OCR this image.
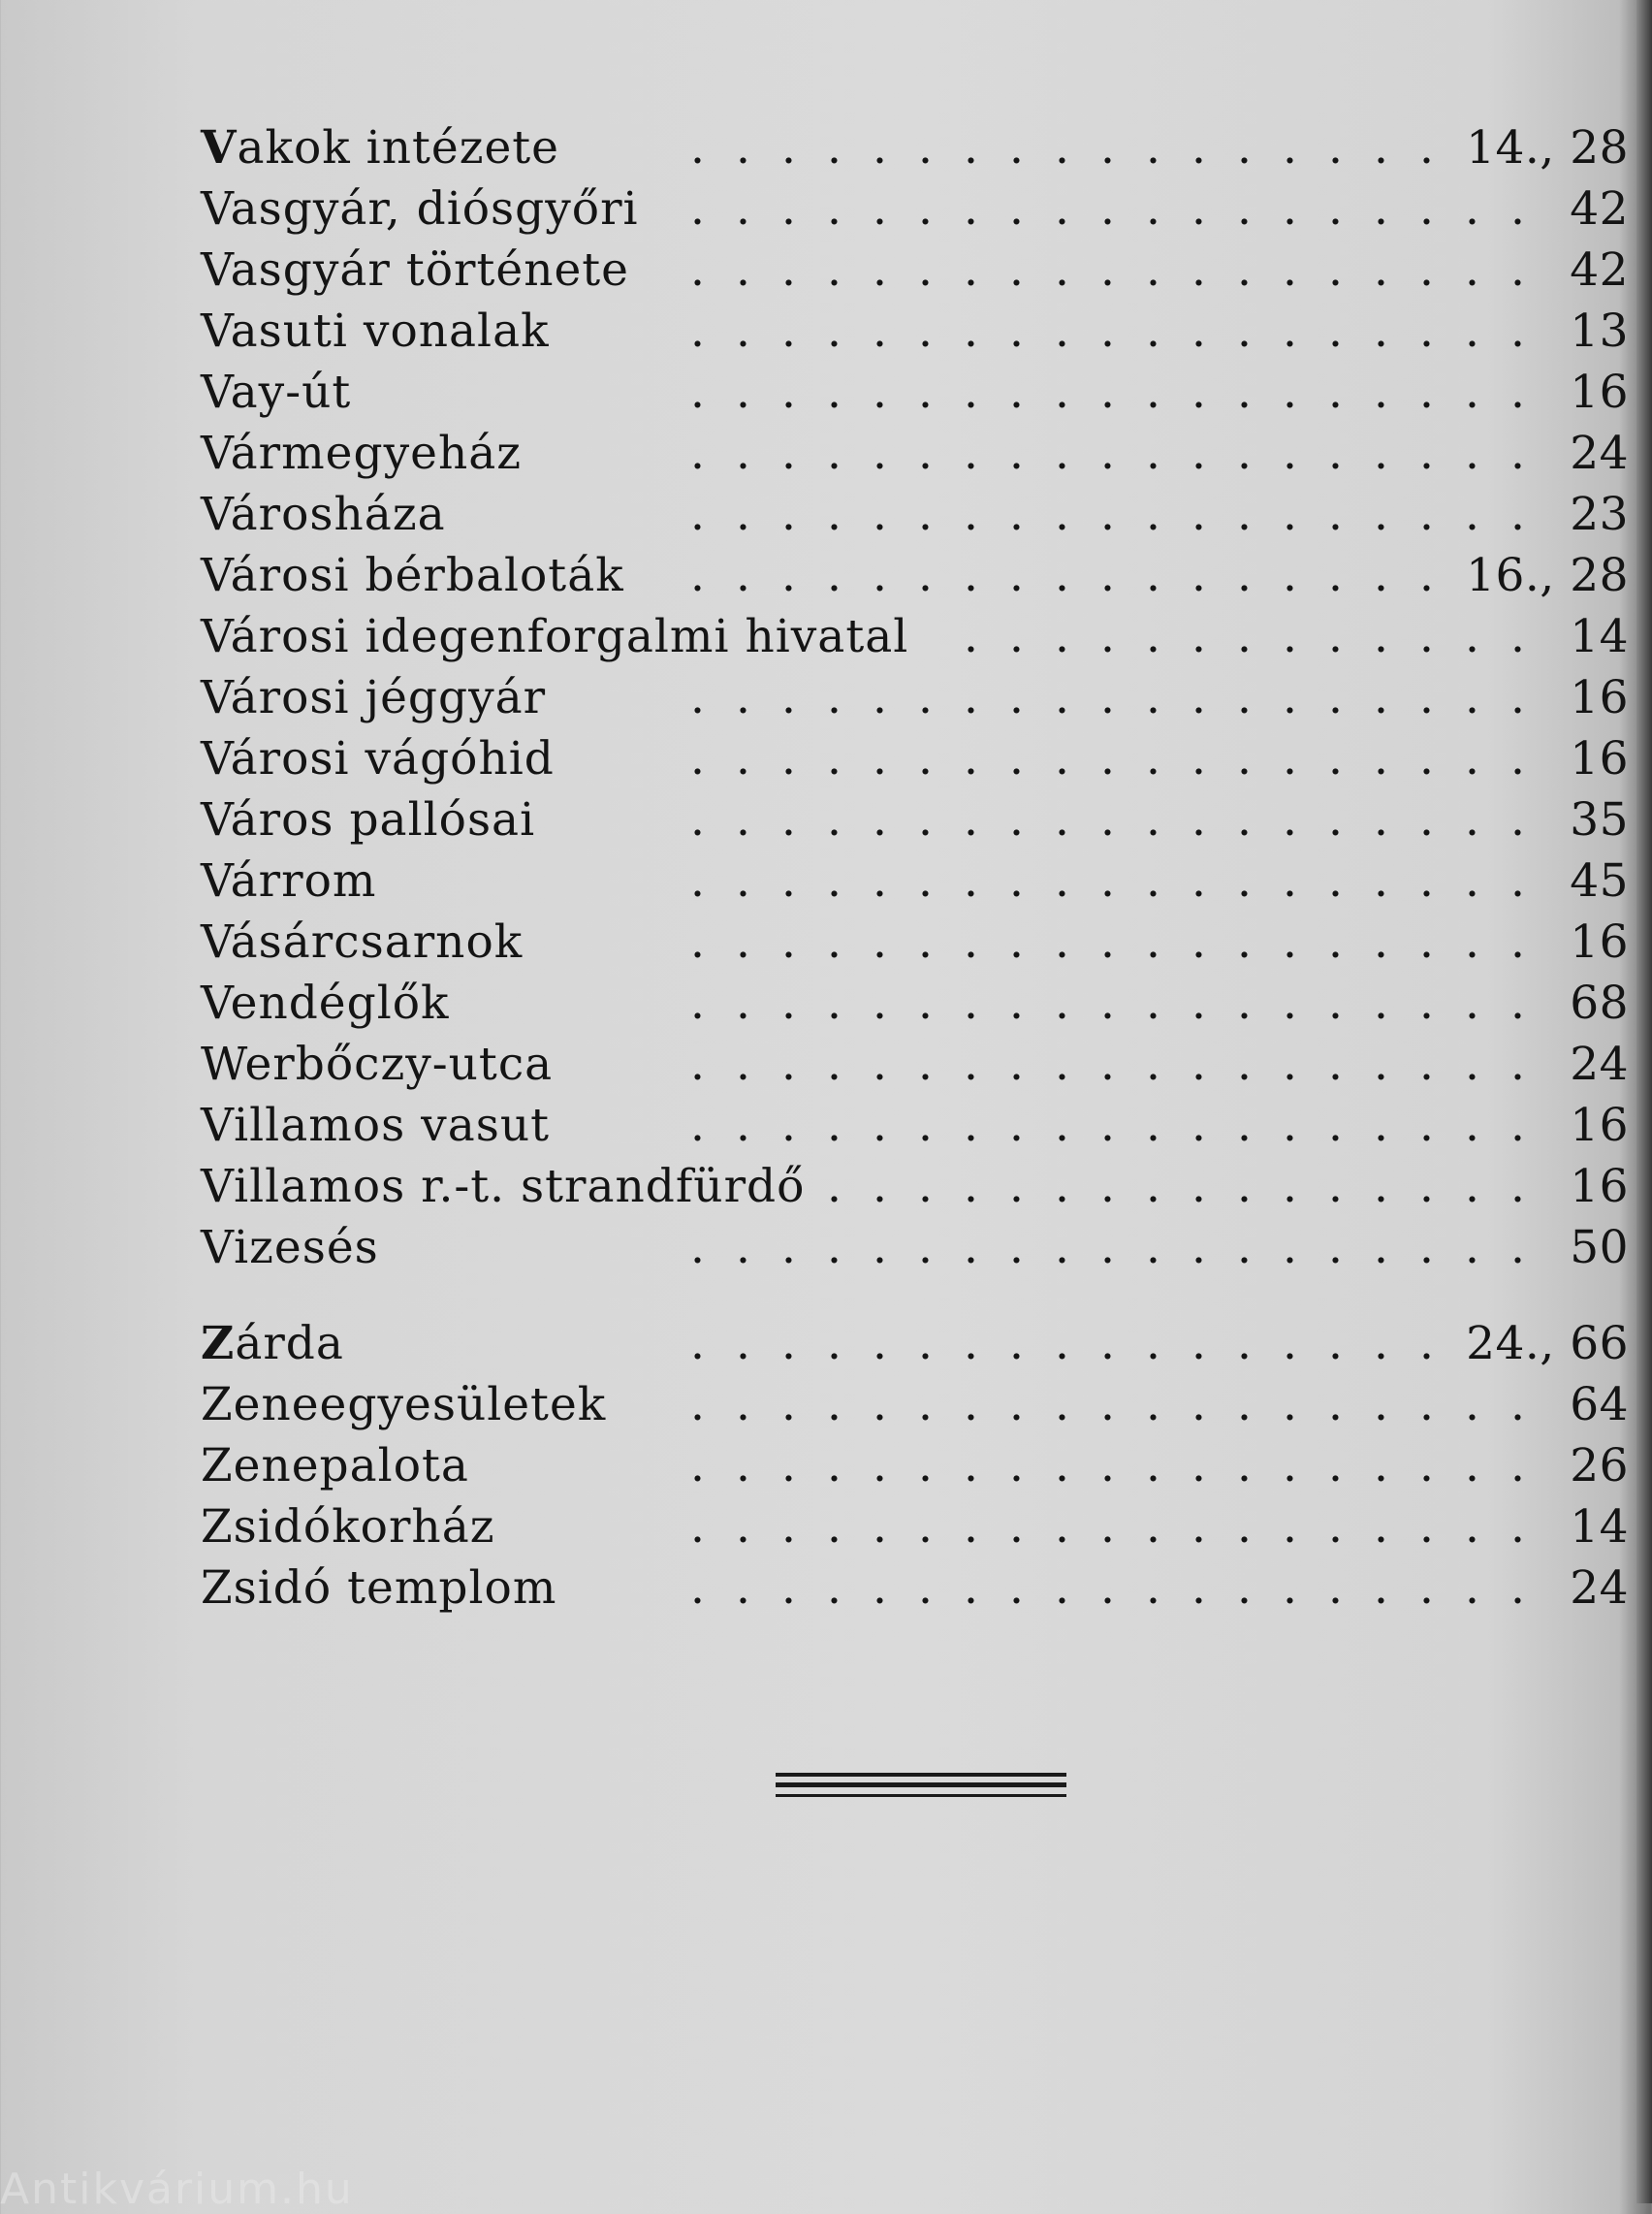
Vakok intézete	14., 28
. . . . . . . . . . . . . . . . .
Vasgyár, diósgyőri	42
. . . . . . . . . . . . . . . . . . .
Vasgyár története	42
. . . . . . . . . . . . . . . . . . .
Vasuti vonalak	13
. . . . . . . . . . . . . . . . . . .
Vay-út	16
. . . . . . . . . . . . . . . . . . .
Vármegyeház	24
. . . . . . . . . . . . . . . . . . .
Városháza	23
. . . . . . . . . . . . . . . . . . .
Városi bérbaloták	16., 28
. . . . . . . . . . . . . . . . .
Városi idegenforgalmi hivatal	14
. . . . . . . . . . . . .
Városi jéggyár	16
. . . . . . . . . . . . . . . . . . .
Városi vágóhid	16
. . . . . . . . . . . . . . . . . . .
Város pallósai	35
. . . . . . . . . . . . . . . . . . .
Várrom	45
. . . . . . . . . . . . . . . . . . .
Vásárcsarnok	16
. . . . . . . . . . . . . . . . . . .
Vendéglők	68
. . . . . . . . . . . . . . . . . . .
Werbőczy-utca	24
. . . . . . . . . . . . . . . . . . .
Villamos vasut	16
. . . . . . . . . . . . . . . . . . .
Villamos r.-t. strandfürdő	16
. . . . . . . . . . . . . . . .
Vizesés	50
. . . . . . . . . . . . . . . . . . .
Zárda	24., 66
. . . . . . . . . . . . . . . . .
Zeneegyesületek	64
. . . . . . . . . . . . . . . . . . .
Zenepalota	26
. . . . . . . . . . . . . . . . . . .
Zsidókorház	14
. . . . . . . . . . . . . . . . . . .
Zsidó templom	24
. . . . . . . . . . . . . . . . . . .
Antikvárium.hu
